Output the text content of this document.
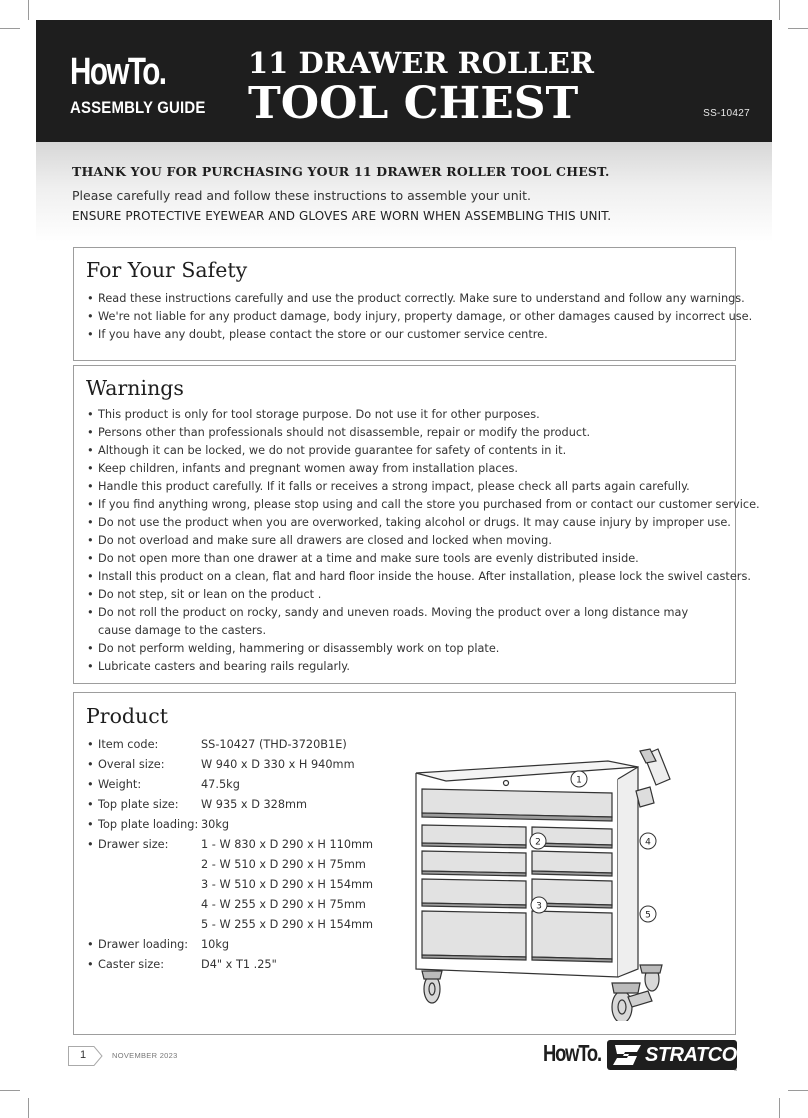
HowTo.
ASSEMBLY GUIDE
11 DRAWER ROLLER
TOOL CHEST	SS-10427
THANK YOU FOR PURCHASING YOUR 11 DRAWER ROLLER TOOL CHEST.
Please carefully read and follow these instructions to assemble your unit.
ENSURE PROTECTIVE EYEWEAR AND GLOVES ARE WORN WHEN ASSEMBLING THIS UNIT.
For Your Safety
• Read these instructions carefully and use the product correctly. Make sure to understand and follow any warnings.
• We're not liable for any product damage, body injury, property damage, or other damages caused by incorrect use.
• If you have any doubt, please contact the store or our customer service centre.
Warnings
• This product is only for tool storage purpose. Do not use it for other purposes.
• Persons other than professionals should not disassemble, repair or modify the product.
• Although it can be locked, we do not provide guarantee for safety of contents in it.
• Keep children, infants and pregnant women away from installation places.
• Handle this product carefully. If it falls or receives a strong impact, please check all parts again carefully.
• If you find anything wrong, please stop using and call the store you purchased from or contact our customer service.
• Do not use the product when you are overworked, taking alcohol or drugs. It may cause injury by improper use.
• Do not overload and make sure all drawers are closed and locked when moving.
• Do not open more than one drawer at a time and make sure tools are evenly distributed inside.
• Install this product on a clean, flat and hard floor inside the house. After installation, please lock the swivel casters.
• Do not step, sit or lean on the product .
• Do not roll the product on rocky, sandy and uneven roads. Moving the product over a long distance may cause damage to the casters.
• Do not perform welding, hammering or disassembly work on top plate.
• Lubricate casters and bearing rails regularly.
Product
• Item code:	SS-10427 (THD-3720B1E)
• Overal size:	W 940 x D 330 x H 940mm
• Weight:	47.5kg
• Top plate size: W 935 x D 328mm
• Top plate loading: 30kg
• Drawer size:	1 - W 830 x D 290 x H 110mm
2 - W 510 x D 290 x H 75mm
3 - W 510 x D 290 x H 154mm
4 - W 255 x D 290 x H 75mm
5 - W 255 x D 290 x H 154mm
• Drawer loading: 10kg
• Caster size:	D4" x T1 .25"
1
2
3
4
5
1	NOVEMBER 2023	HowTo. STRATCO
™
